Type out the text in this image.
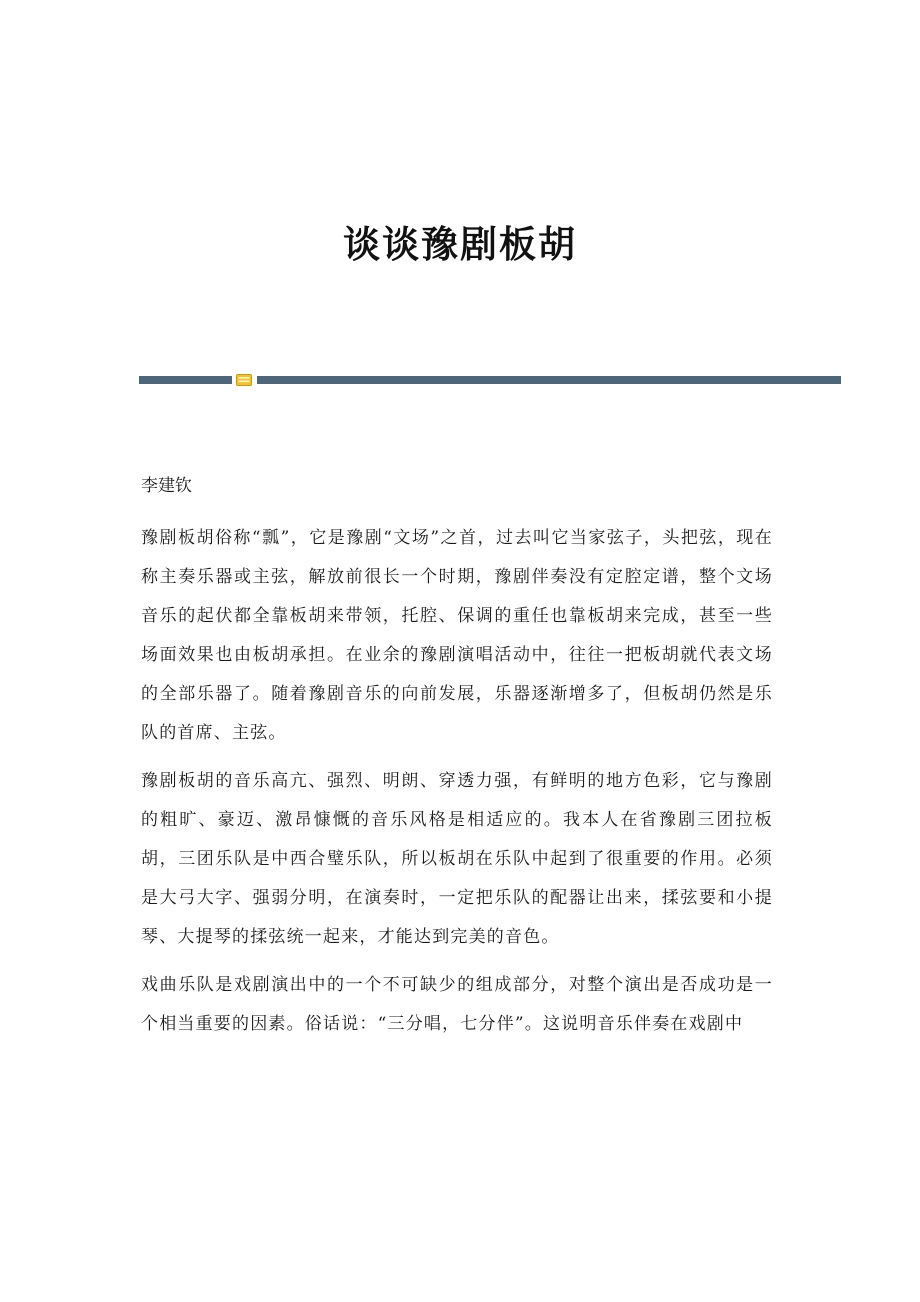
谈谈豫剧板胡

李建钦

豫剧板胡俗称“瓢”，它是豫剧“文场”之首，过去叫它当家弦子，头把弦，现在称主奏乐器或主弦，解放前很长一个时期，豫剧伴奏没有定腔定谱，整个文场音乐的起伏都全靠板胡来带领，托腔、保调的重任也靠板胡来完成，甚至一些场面效果也由板胡承担。在业余的豫剧演唱活动中，往往一把板胡就代表文场的全部乐器了。随着豫剧音乐的向前发展，乐器逐渐增多了，但板胡仍然是乐队的首席、主弦。

豫剧板胡的音乐高亢、强烈、明朗、穿透力强，有鲜明的地方色彩，它与豫剧的粗旷、豪迈、激昂慷慨的音乐风格是相适应的。我本人在省豫剧三团拉板胡，三团乐队是中西合璧乐队，所以板胡在乐队中起到了很重要的作用。必须是大弓大字、强弱分明，在演奏时，一定把乐队的配器让出来，揉弦要和小提琴、大提琴的揉弦统一起来，才能达到完美的音色。

戏曲乐队是戏剧演出中的一个不可缺少的组成部分，对整个演出是否成功是一个相当重要的因素。俗话说：“三分唱，七分伴”。这说明音乐伴奏在戏剧中
